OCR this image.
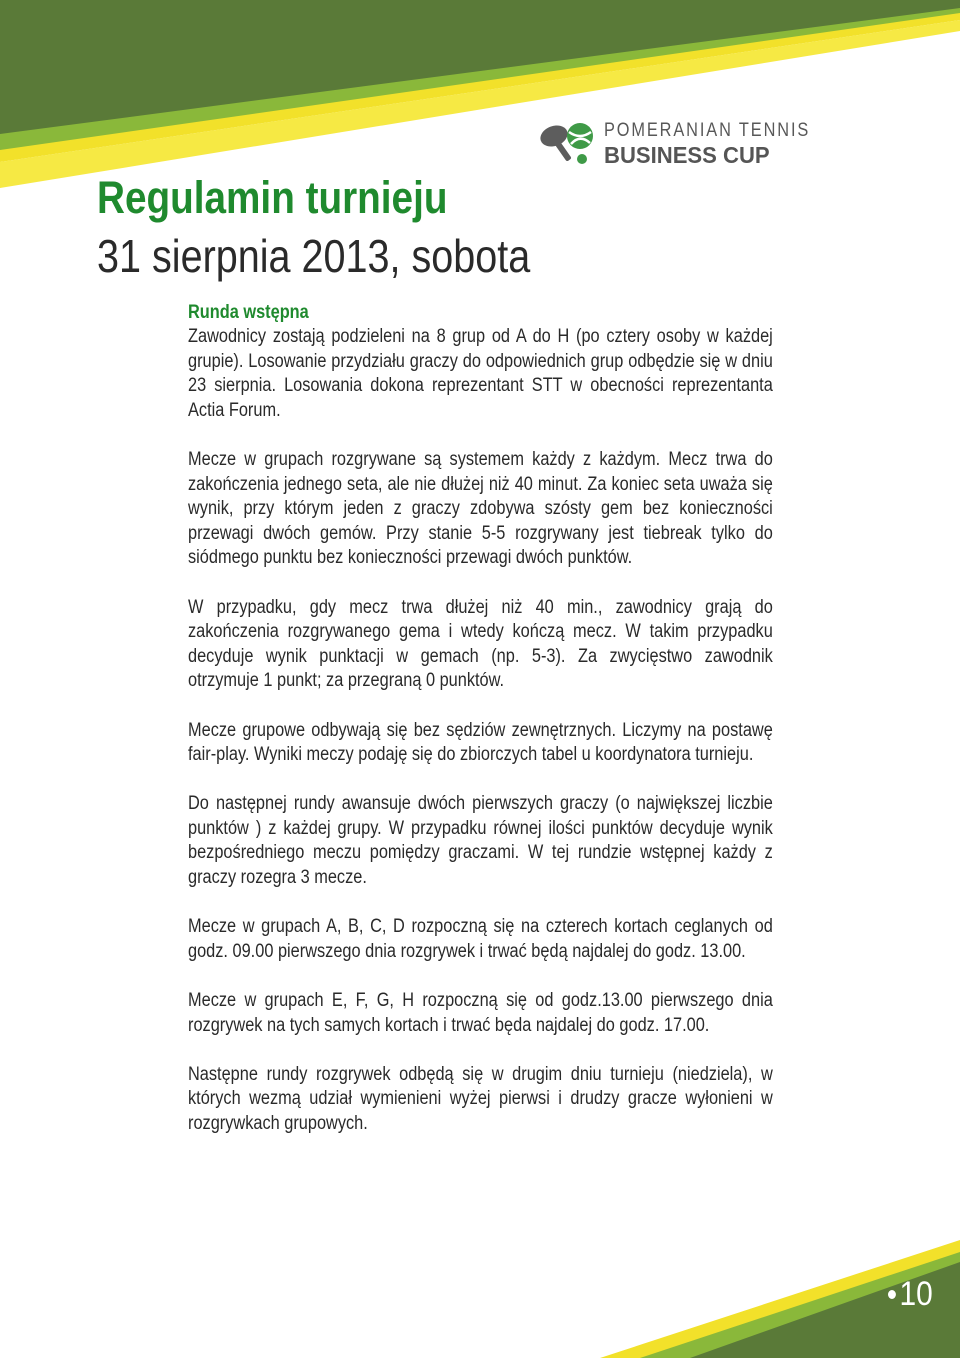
POMERANIAN TENNIS
BUSINESS CUP
Regulamin turnieju
31 sierpnia 2013, sobota

Runda wstępna

Zawodnicy zostają podzieleni na 8 grup od A do H (po cztery osoby w każdej grupie). Losowanie przydziału graczy do odpowiednich grup odbędzie się w dniu 23 sierpnia. Losowania dokona reprezentant STT w obecności reprezentanta Actia Forum.

Mecze w grupach rozgrywane są systemem każdy z każdym. Mecz trwa do zakończenia jednego seta, ale nie dłużej niż 40 minut. Za koniec seta uważa się wynik, przy którym jeden z graczy zdobywa szósty gem bez konieczności przewagi dwóch gemów. Przy stanie 5-5 rozgrywany jest tiebreak tylko do siódmego punktu bez konieczności przewagi dwóch punktów.

W przypadku, gdy mecz trwa dłużej niż 40 min., zawodnicy grają do zakończenia rozgrywanego gema i wtedy kończą mecz. W takim przypadku decyduje wynik punktacji w gemach (np. 5-3). Za zwycięstwo zawodnik otrzymuje 1 punkt; za przegraną 0 punktów.

Mecze grupowe odbywają się bez sędziów zewnętrznych. Liczymy na postawę fair-play. Wyniki meczy podaję się do zbiorczych tabel u koordynatora turnieju.

Do następnej rundy awansuje dwóch pierwszych graczy (o największej liczbie punktów ) z każdej grupy. W przypadku równej ilości punktów decyduje wynik bezpośredniego meczu pomiędzy graczami. W tej rundzie wstępnej każdy z graczy rozegra 3 mecze.

Mecze w grupach A, B, C, D rozpoczną się na czterech kortach ceglanych od godz. 09.00 pierwszego dnia rozgrywek i trwać będą najdalej do godz. 13.00.

Mecze w grupach E, F, G, H rozpoczną się od godz.13.00 pierwszego dnia rozgrywek na tych samych kortach i trwać będa najdalej do godz. 17.00.

Następne rundy rozgrywek odbędą się w drugim dniu turnieju (niedziela), w których wezmą udział wymienieni wyżej pierwsi i drudzy gracze wyłonieni w rozgrywkach grupowych.

10
